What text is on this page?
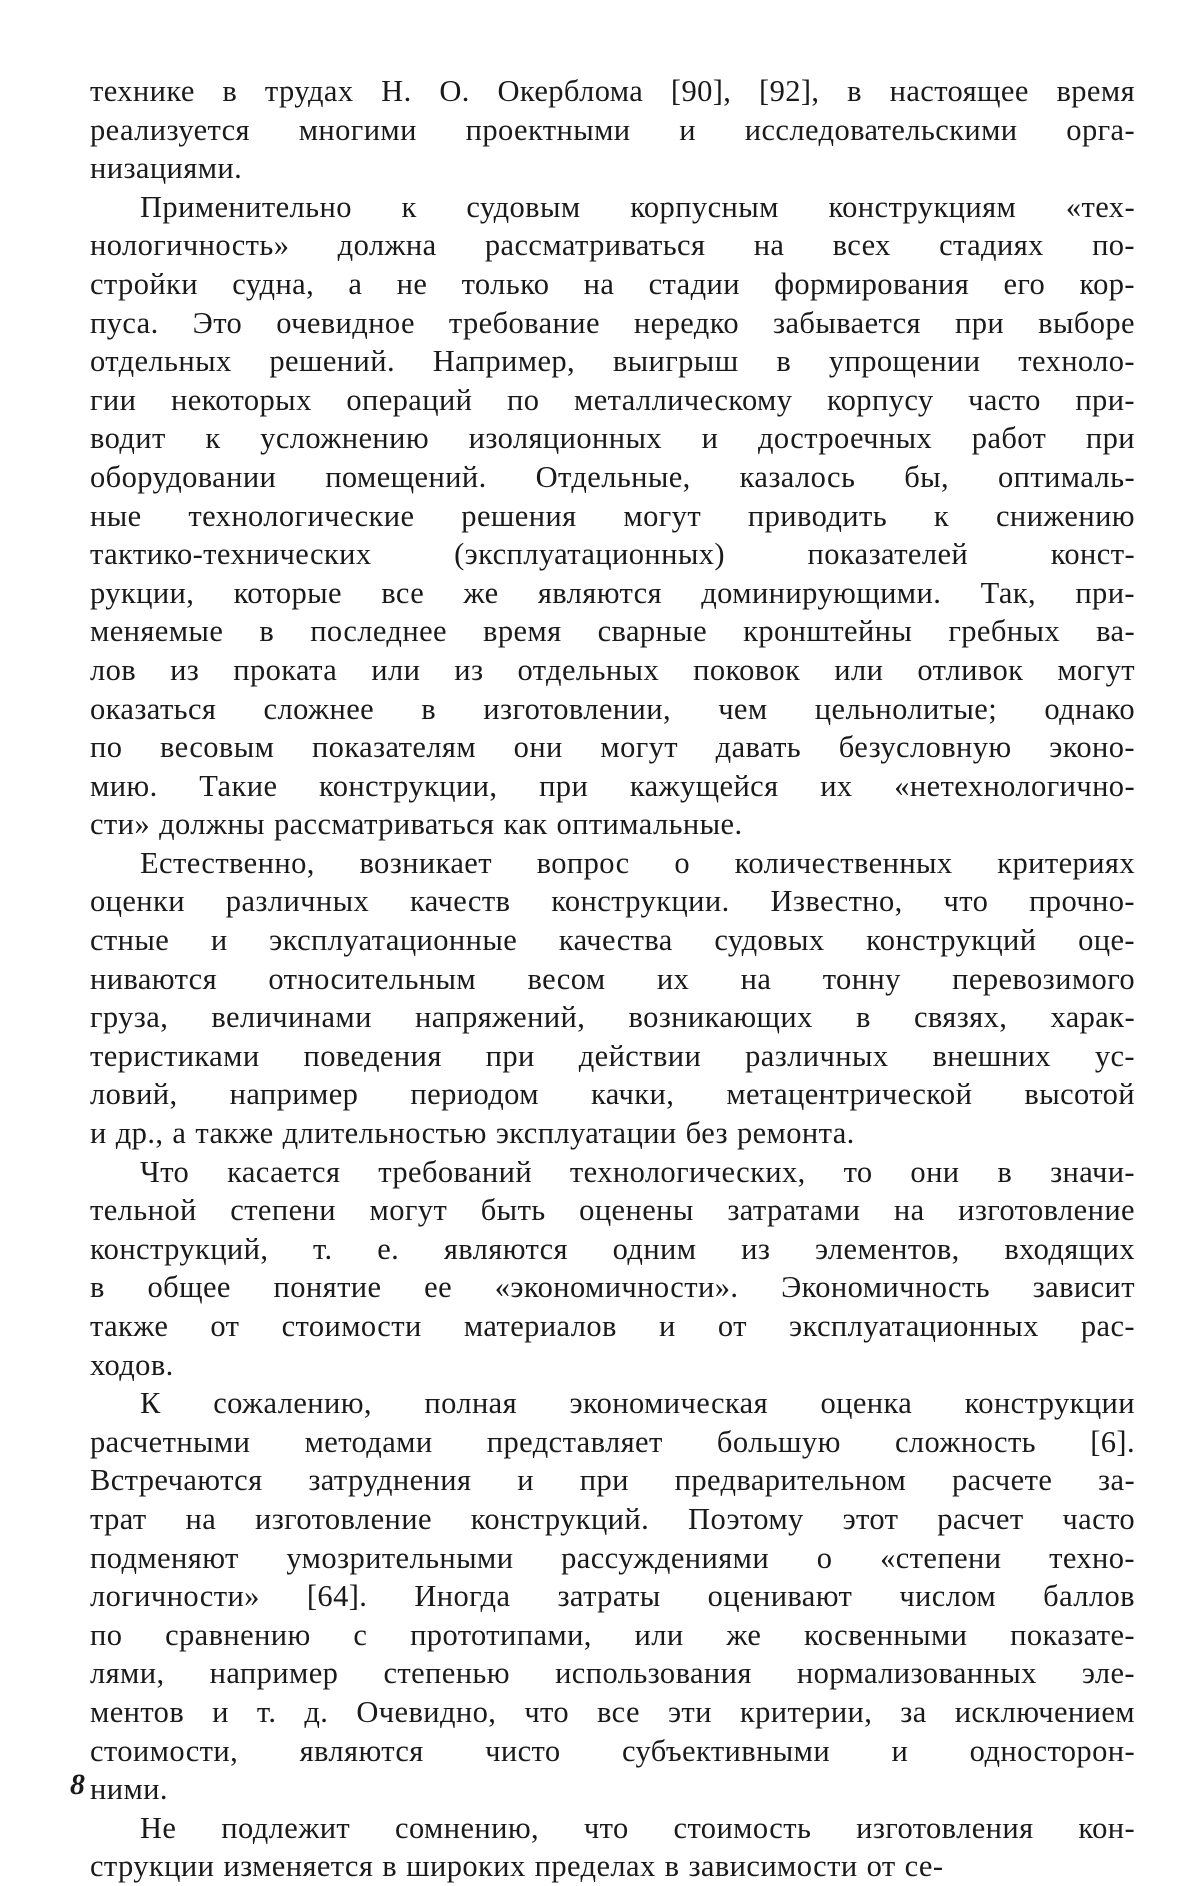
технике в трудах Н. О. Окерблома [90], [92], в настоящее время
реализуется многими проектными и исследовательскими орга-
низациями.

Применительно к судовым корпусным конструкциям «тех-
нологичность» должна рассматриваться на всех стадиях по-
стройки судна, а не только на стадии формирования его кор-
пуса. Это очевидное требование нередко забывается при выборе
отдельных решений. Например, выигрыш в упрощении техноло-
гии некоторых операций по металлическому корпусу часто при-
водит к усложнению изоляционных и достроечных работ при
оборудовании помещений. Отдельные, казалось бы, оптималь-
ные технологические решения могут приводить к снижению
тактико-технических (эксплуатационных) показателей конст-
рукции, которые все же являются доминирующими. Так, при-
меняемые в последнее время сварные кронштейны гребных ва-
лов из проката или из отдельных поковок или отливок могут
оказаться сложнее в изготовлении, чем цельнолитые; однако
по весовым показателям они могут давать безусловную эконо-
мию. Такие конструкции, при кажущейся их «нетехнологично-
сти» должны рассматриваться как оптимальные.

Естественно, возникает вопрос о количественных критериях
оценки различных качеств конструкции. Известно, что прочно-
стные и эксплуатационные качества судовых конструкций оце-
ниваются относительным весом их на тонну перевозимого
груза, величинами напряжений, возникающих в связях, харак-
теристиками поведения при действии различных внешних ус-
ловий, например периодом качки, метацентрической высотой
и др., а также длительностью эксплуатации без ремонта.

Что касается требований технологических, то они в значи-
тельной степени могут быть оценены затратами на изготовление
конструкций, т. е. являются одним из элементов, входящих
в общее понятие ее «экономичности». Экономичность зависит
также от стоимости материалов и от эксплуатационных рас-
ходов.

К сожалению, полная экономическая оценка конструкции
расчетными методами представляет большую сложность [6].
Встречаются затруднения и при предварительном расчете за-
трат на изготовление конструкций. Поэтому этот расчет часто
подменяют умозрительными рассуждениями о «степени техно-
логичности» [64]. Иногда затраты оценивают числом баллов
по сравнению с прототипами, или же косвенными показате-
лями, например степенью использования нормализованных эле-
ментов и т. д. Очевидно, что все эти критерии, за исключением
стоимости, являются чисто субъективными и односторон-
ними.

Не подлежит сомнению, что стоимость изготовления кон-
струкции изменяется в широких пределах в зависимости от се-

8
